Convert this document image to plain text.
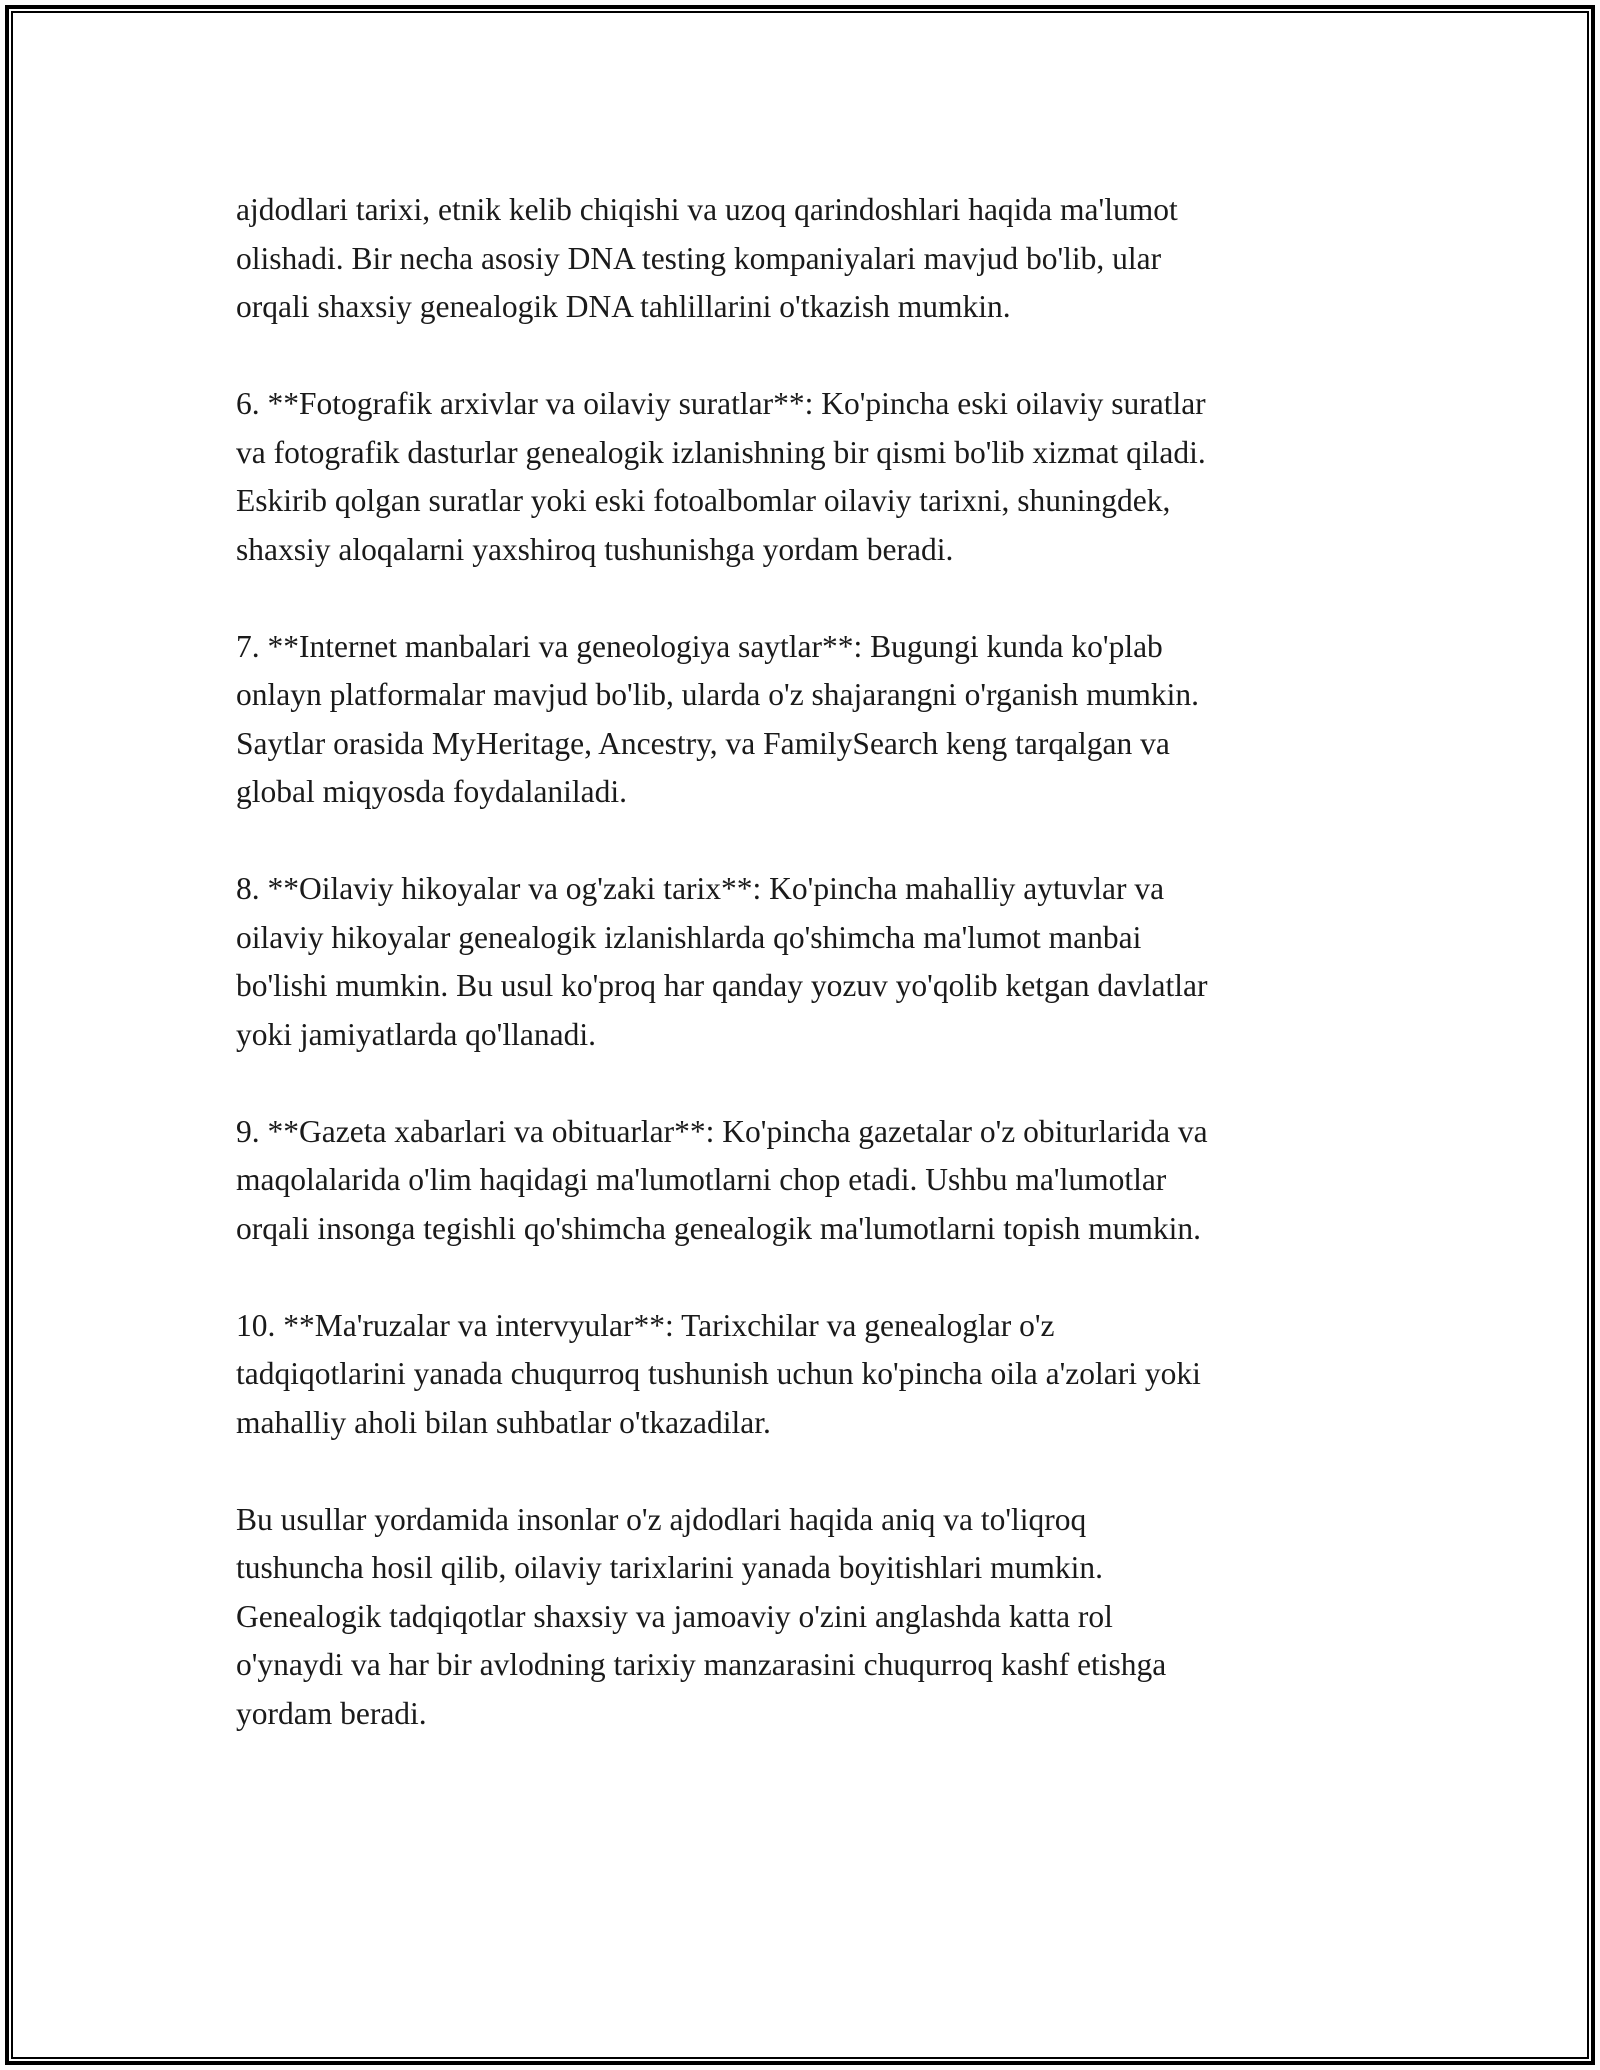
ajdodlari tarixi, etnik kelib chiqishi va uzoq qarindoshlari haqida ma'lumot
olishadi. Bir necha asosiy DNA testing kompaniyalari mavjud bo'lib, ular
orqali shaxsiy genealogik DNA tahlillarini o'tkazish mumkin.

6. **Fotografik arxivlar va oilaviy suratlar**: Ko'pincha eski oilaviy suratlar
va fotografik dasturlar genealogik izlanishning bir qismi bo'lib xizmat qiladi.
Eskirib qolgan suratlar yoki eski fotoalbomlar oilaviy tarixni, shuningdek,
shaxsiy aloqalarni yaxshiroq tushunishga yordam beradi.

7. **Internet manbalari va geneologiya saytlar**: Bugungi kunda ko'plab
onlayn platformalar mavjud bo'lib, ularda o'z shajarangni o'rganish mumkin.
Saytlar orasida MyHeritage, Ancestry, va FamilySearch keng tarqalgan va
global miqyosda foydalaniladi.

8. **Oilaviy hikoyalar va og'zaki tarix**: Ko'pincha mahalliy aytuvlar va
oilaviy hikoyalar genealogik izlanishlarda qo'shimcha ma'lumot manbai
bo'lishi mumkin. Bu usul ko'proq har qanday yozuv yo'qolib ketgan davlatlar
yoki jamiyatlarda qo'llanadi.

9. **Gazeta xabarlari va obituarlar**: Ko'pincha gazetalar o'z obiturlarida va
maqolalarida o'lim haqidagi ma'lumotlarni chop etadi. Ushbu ma'lumotlar
orqali insonga tegishli qo'shimcha genealogik ma'lumotlarni topish mumkin.

10. **Ma'ruzalar va intervyular**: Tarixchilar va genealoglar o'z
tadqiqotlarini yanada chuqurroq tushunish uchun ko'pincha oila a'zolari yoki
mahalliy aholi bilan suhbatlar o'tkazadilar.

Bu usullar yordamida insonlar o'z ajdodlari haqida aniq va to'liqroq
tushuncha hosil qilib, oilaviy tarixlarini yanada boyitishlari mumkin.
Genealogik tadqiqotlar shaxsiy va jamoaviy o'zini anglashda katta rol
o'ynaydi va har bir avlodning tarixiy manzarasini chuqurroq kashf etishga
yordam beradi.
